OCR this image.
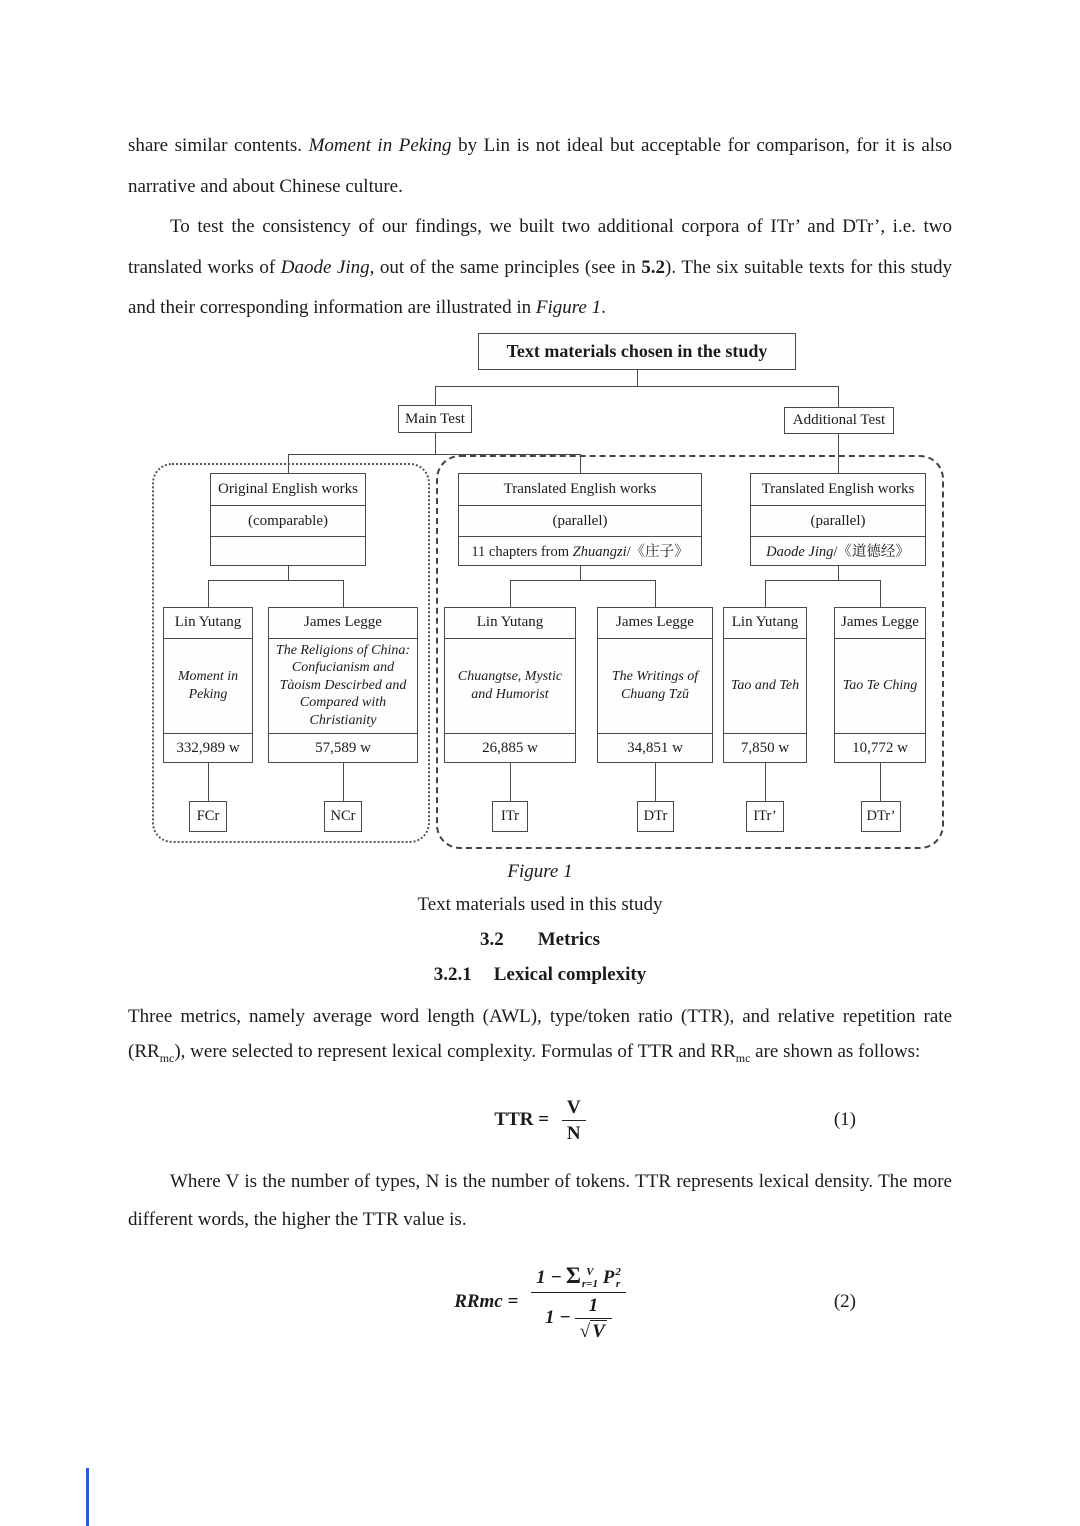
share similar contents. Moment in Peking by Lin is not ideal but acceptable for comparison, for it is also narrative and about Chinese culture.

To test the consistency of our findings, we built two additional corpora of ITr’ and DTr’, i.e. two translated works of Daode Jing, out of the same principles (see in 5.2). The six suitable texts for this study and their corresponding information are illustrated in Figure 1.

Text materials chosen in the study
Main Test	Additional Test
Original English works
(comparable)
Translated English works
(parallel)
11 chapters from Zhuangzi/《庄子》
Translated English works
(parallel)
Daode Jing/《道德经》
Lin Yutang
Moment in Peking
332,989 w
James Legge
The Religions of China: Confucianism and Tàoism Descirbed and Compared with Christianity
57,589 w
Lin Yutang
Chuangtse, Mystic and Humorist
26,885 w
James Legge
The Writings of Chuang Tzŭ
34,851 w
Lin Yutang
Tao and Teh
7,850 w
James Legge
Tao Te Ching
10,772 w
FCr	NCr	ITr	DTr	ITr’	DTr’

Figure 1

Text materials used in this study

3.2 Metrics

3.2.1 Lexical complexity

Three metrics, namely average word length (AWL), type/token ratio (TTR), and relative repetition rate $(RR_{mc})$, were selected to represent lexical complexity. Formulas of TTR and $RR_{mc}$ are shown as follows:

TTR = $\frac{V}{N}$	(1)

Where V is the number of types, N is the number of tokens. TTR represents lexical density. The more different words, the higher the TTR value is.

RRmc = 1 − Σ V
r=1 P 2
r
$1 - \frac{1}{√ V}$	(2)
